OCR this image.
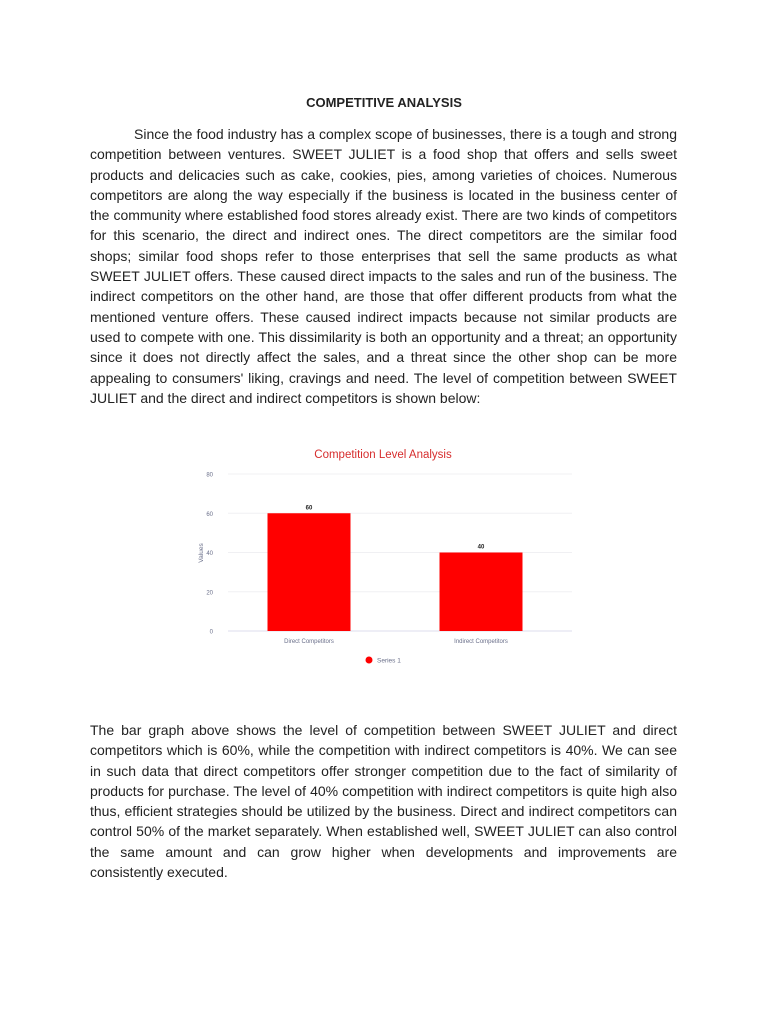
COMPETITIVE ANALYSIS

Since the food industry has a complex scope of businesses, there is a tough and strong competition between ventures. SWEET JULIET is a food shop that offers and sells sweet products and delicacies such as cake, cookies, pies, among varieties of choices. Numerous competitors are along the way especially if the business is located in the business center of the community where established food stores already exist. There are two kinds of competitors for this scenario, the direct and indirect ones. The direct competitors are the similar food shops; similar food shops refer to those enterprises that sell the same products as what SWEET JULIET offers. These caused direct impacts to the sales and run of the business. The indirect competitors on the other hand, are those that offer different products from what the mentioned venture offers. These caused indirect impacts because not similar products are used to compete with one. This dissimilarity is both an opportunity and a threat; an opportunity since it does not directly affect the sales, and a threat since the other shop can be more appealing to consumers' liking, cravings and need. The level of competition between SWEET JULIET and the direct and indirect competitors is shown below:

Competition Level Analysis
0
20
40
60
80
Values
60
Direct Competitors
40
Indirect Competitors
Series 1

The bar graph above shows the level of competition between SWEET JULIET and direct competitors which is 60%, while the competition with indirect competitors is 40%. We can see in such data that direct competitors offer stronger competition due to the fact of similarity of products for purchase. The level of 40% competition with indirect competitors is quite high also thus, efficient strategies should be utilized by the business. Direct and indirect competitors can control 50% of the market separately. When established well, SWEET JULIET can also control the same amount and can grow higher when developments and improvements are consistently executed.
